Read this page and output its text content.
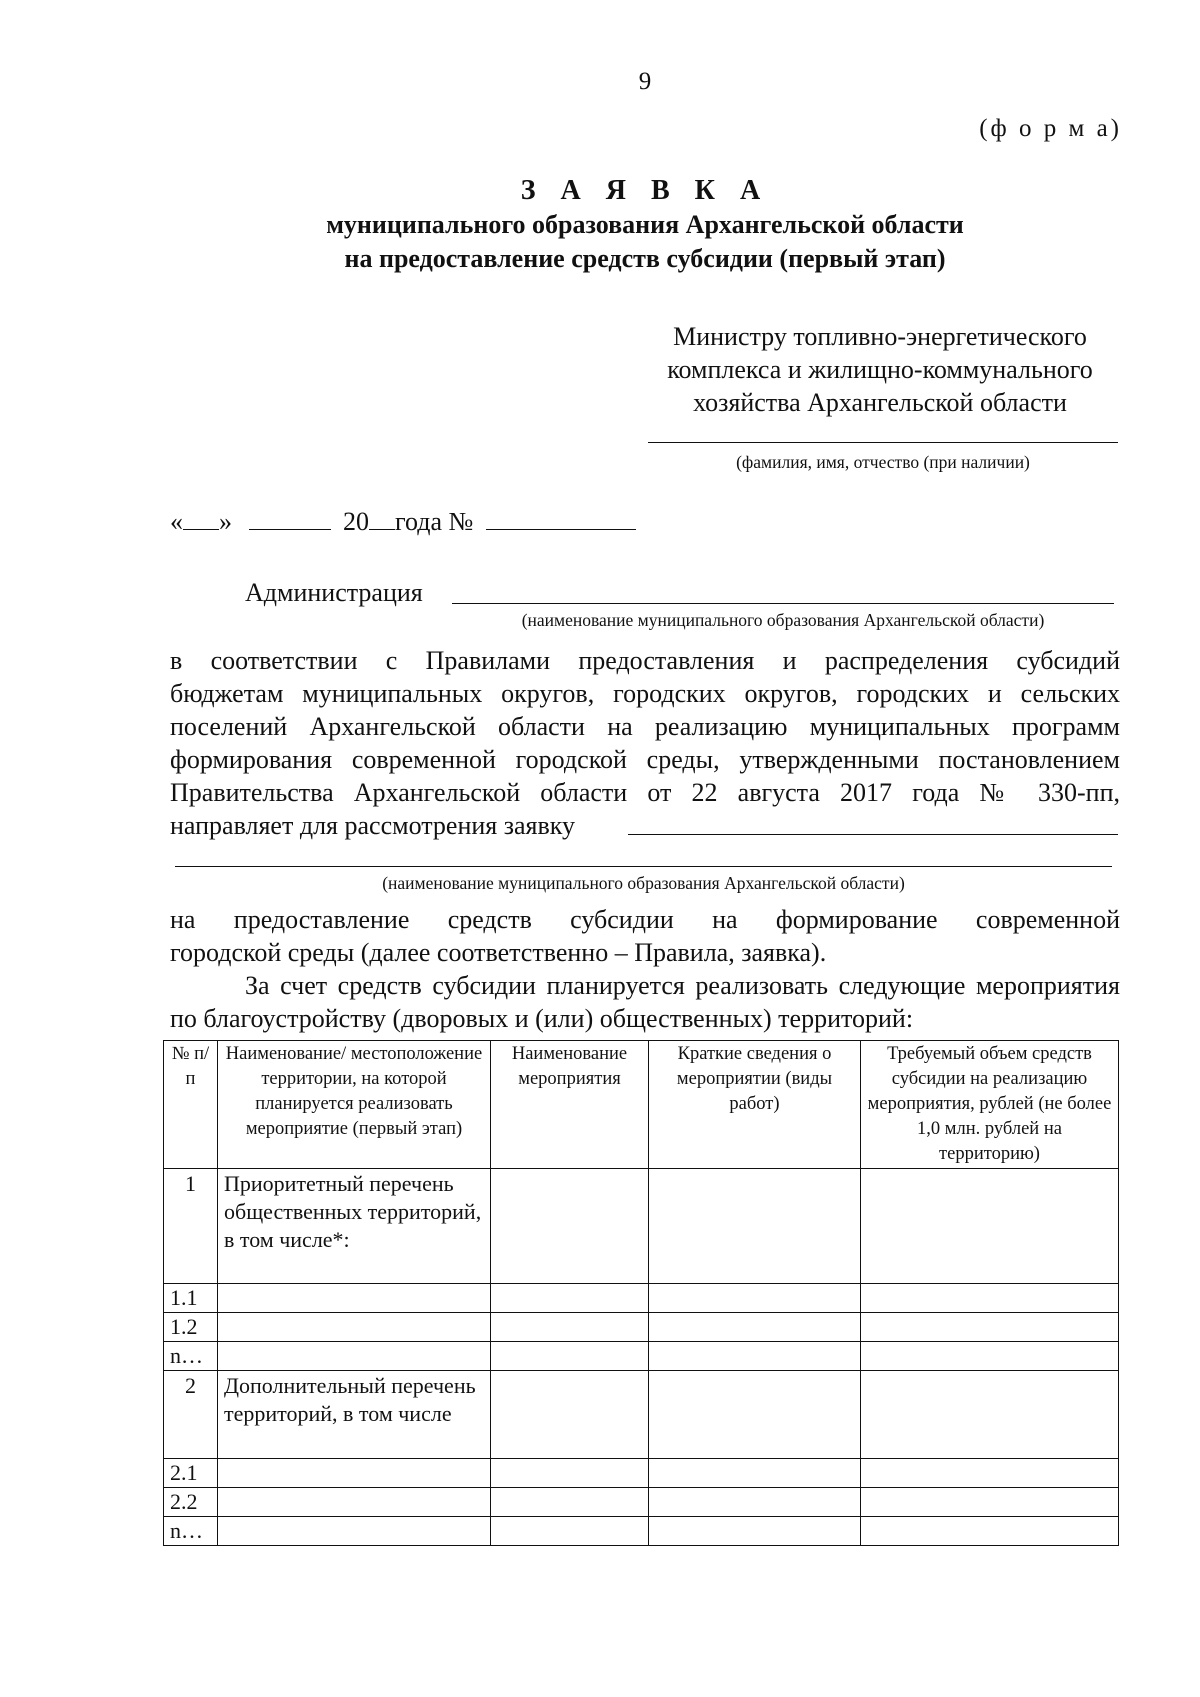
9
(ф о р м а)
З А Я В К А
муниципального образования Архангельской области
на предоставление средств субсидии (первый этап)
Министру топливно-энергетического
комплекса и жилищно-коммунального
хозяйства Архангельской области
(фамилия, имя, отчество (при наличии)
« »	20 года №
Администрация
(наименование муниципального образования Архангельской области)
в соответствии с Правилами предоставления и распределения субсидий
бюджетам муниципальных округов, городских округов, городских и сельских
поселений Архангельской области на реализацию муниципальных программ
формирования современной городской среды, утвержденными постановлением
Правительства Архангельской области от 22 августа 2017 года № 330-пп,
направляет для рассмотрения заявку
(наименование муниципального образования Архангельской области)
на предоставление средств субсидии на формирование современной
городской среды (далее соответственно – Правила, заявка).
За счет средств субсидии планируется реализовать следующие мероприятия
по благоустройству (дворовых и (или) общественных) территорий:
№ п/п	Наименование/ местоположение территории, на которой планируется реализовать мероприятие (первый этап)	Наименование мероприятия	Краткие сведения о мероприятии (виды работ)	Требуемый объем средств субсидии на реализацию мероприятия, рублей (не более 1,0 млн. рублей на территорию)
1	Приоритетный перечень общественных территорий, в том числе*:			
1.1				
1.2				
n…				
2	Дополнительный перечень территорий, в том числе			
2.1				
2.2				
n…				
